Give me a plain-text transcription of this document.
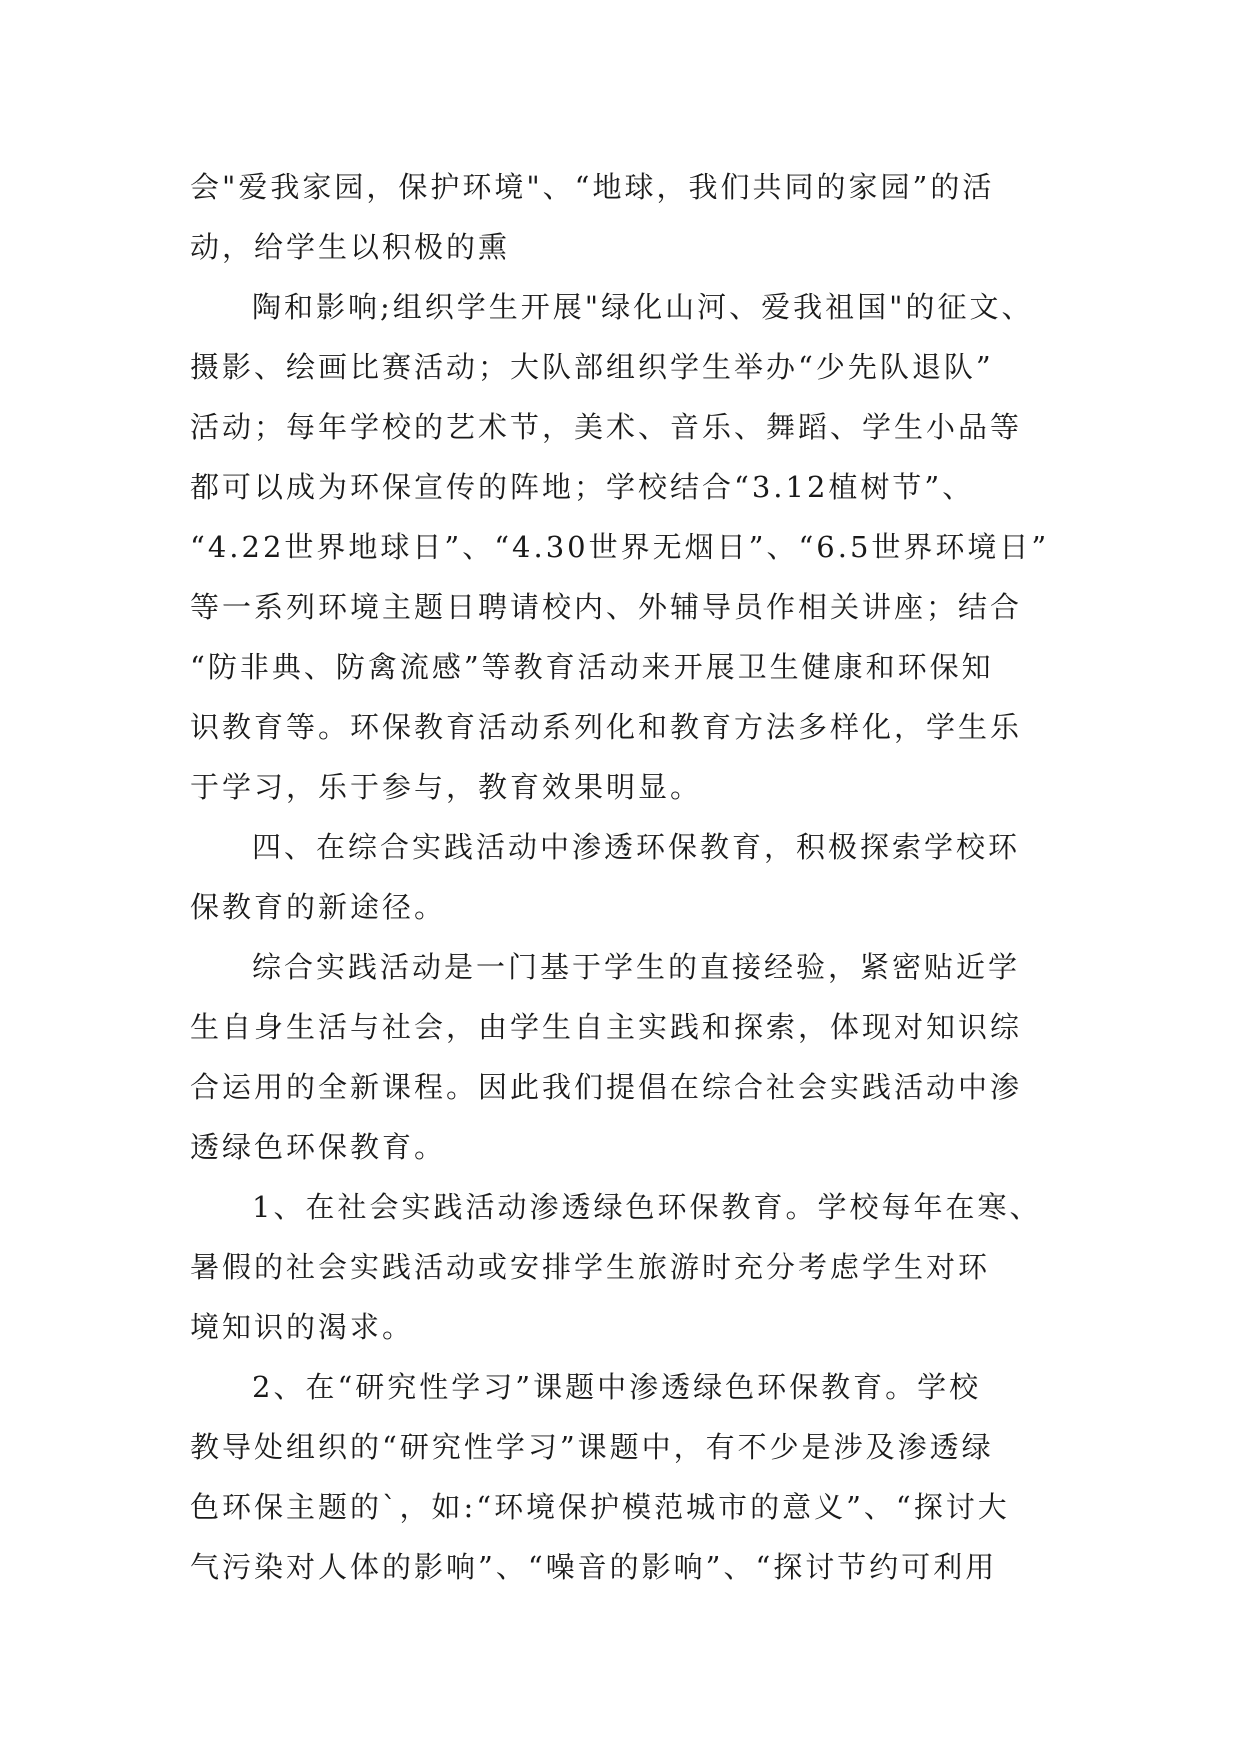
会"爱我家园，保护环境"、“地球，我们共同的家园”的活
动，给学生以积极的熏
陶和影响;组织学生开展"绿化山河、爱我祖国"的征文、
摄影、绘画比赛活动；大队部组织学生举办“少先队退队”
活动；每年学校的艺术节，美术、音乐、舞蹈、学生小品等
都可以成为环保宣传的阵地；学校结合“3.12植树节”、
“4.22世界地球日”、“4.30世界无烟日”、“6.5世界环境日”
等一系列环境主题日聘请校内、外辅导员作相关讲座；结合
“防非典、防禽流感”等教育活动来开展卫生健康和环保知
识教育等。环保教育活动系列化和教育方法多样化，学生乐
于学习，乐于参与，教育效果明显。
四、在综合实践活动中渗透环保教育，积极探索学校环
保教育的新途径。
综合实践活动是一门基于学生的直接经验，紧密贴近学
生自身生活与社会，由学生自主实践和探索，体现对知识综
合运用的全新课程。因此我们提倡在综合社会实践活动中渗
透绿色环保教育。
1、在社会实践活动渗透绿色环保教育。学校每年在寒、
暑假的社会实践活动或安排学生旅游时充分考虑学生对环
境知识的渴求。
2、在“研究性学习”课题中渗透绿色环保教育。学校
教导处组织的“研究性学习”课题中，有不少是涉及渗透绿
色环保主题的`，如:“环境保护模范城市的意义”、“探讨大
气污染对人体的影响”、“噪音的影响”、“探讨节约可利用
